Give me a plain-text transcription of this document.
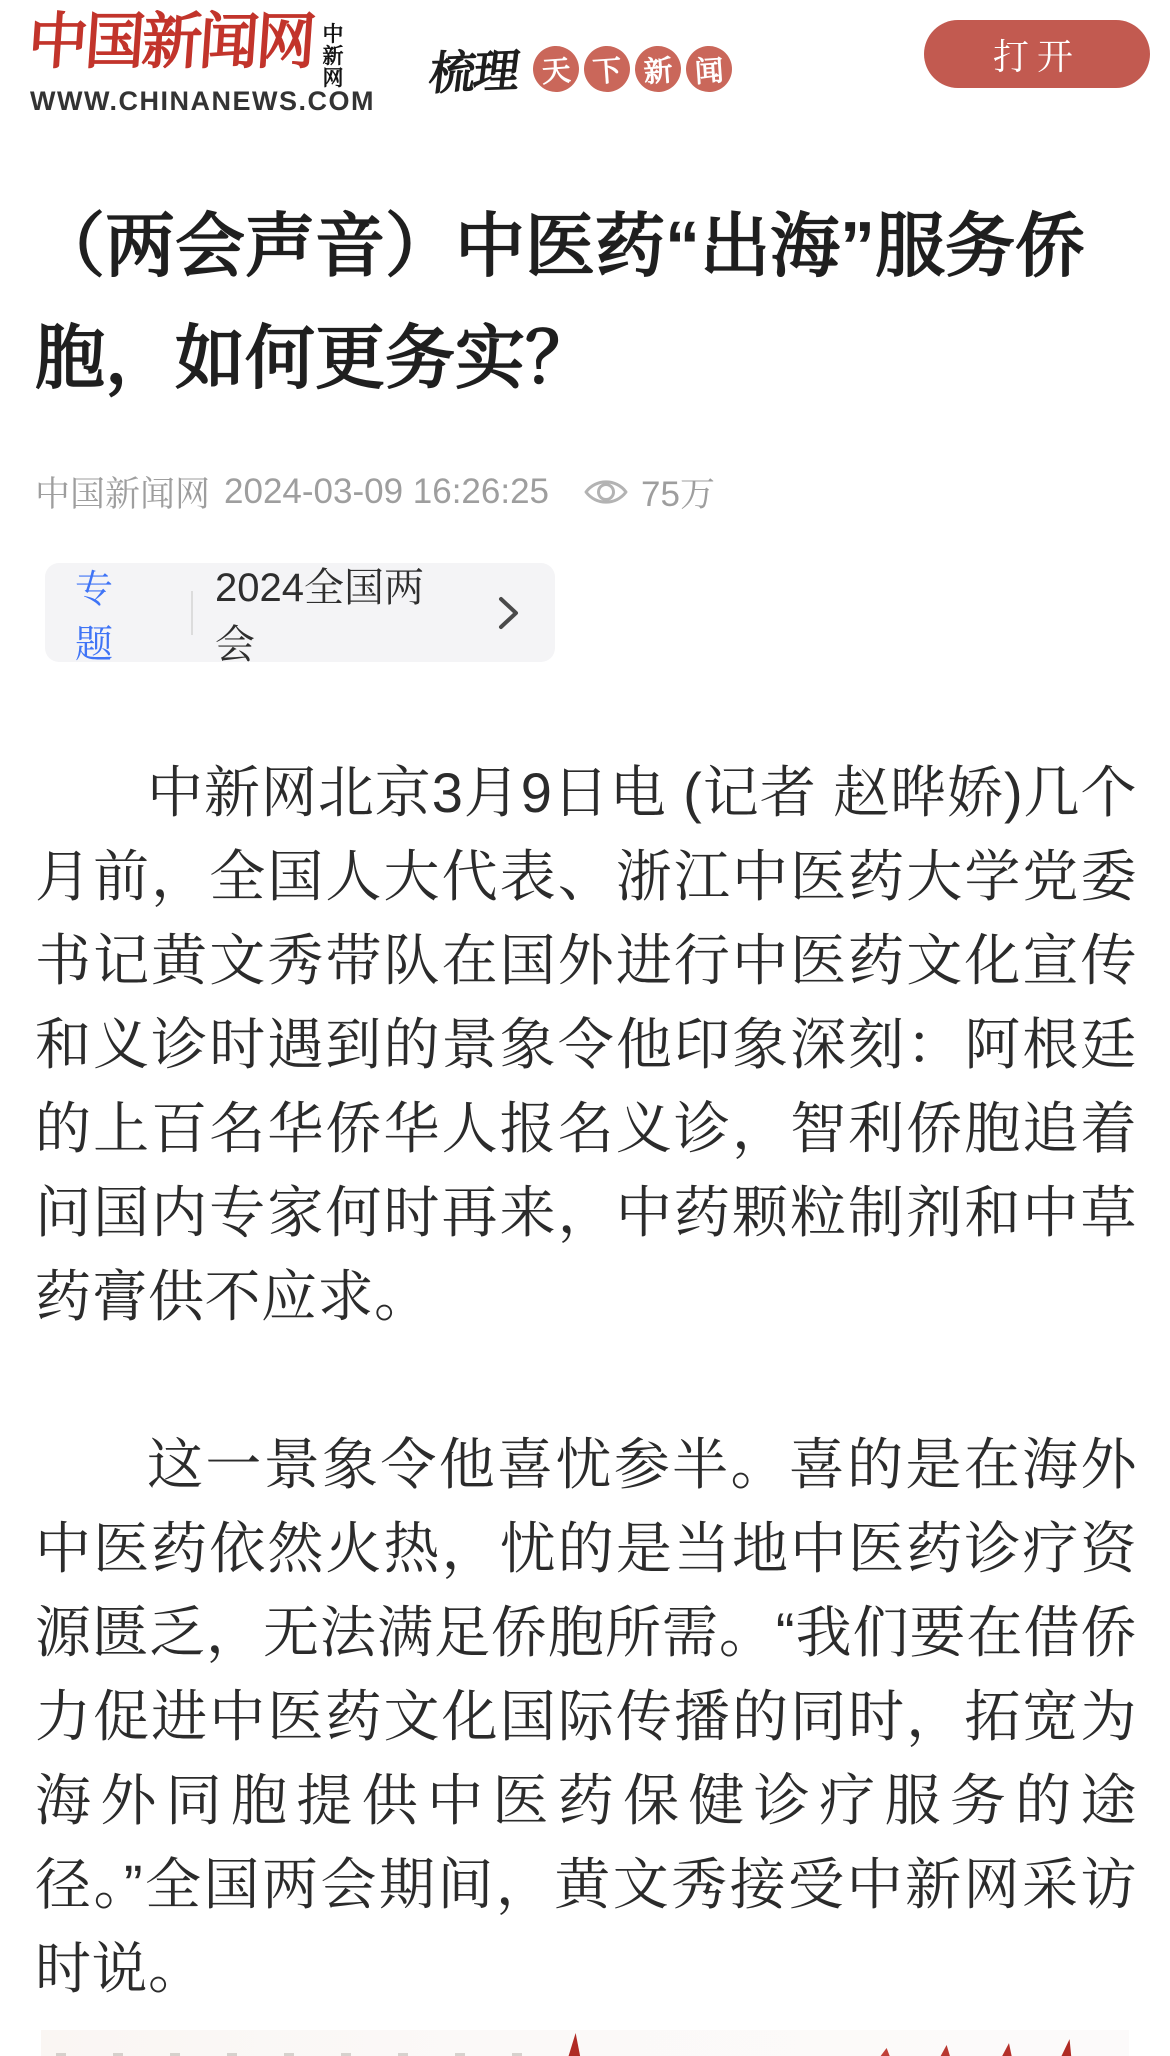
中国新闻网 中新网
WWW.CHINANEWS.COM
梳理 天 下 新 闻	打开
（两会声音）中医药“出海”服务侨胞，如何更务实？
中国新闻网 2024-03-09 16:26:25	75万
专题
2024全国两会

中新网北京3月9日电 (记者 赵晔娇)几个月前，全国人大代表、浙江中医药大学党委书记黄文秀带队在国外进行中医药文化宣传和义诊时遇到的景象令他印象深刻：阿根廷的上百名华侨华人报名义诊，智利侨胞追着问国内专家何时再来，中药颗粒制剂和中草药膏供不应求。

这一景象令他喜忧参半。喜的是在海外中医药依然火热，忧的是当地中医药诊疗资源匮乏，无法满足侨胞所需。“我们要在借侨力促进中医药文化国际传播的同时，拓宽为海外同胞提供中医药保健诊疗服务的途径。”全国两会期间，黄文秀接受中新网采访时说。
